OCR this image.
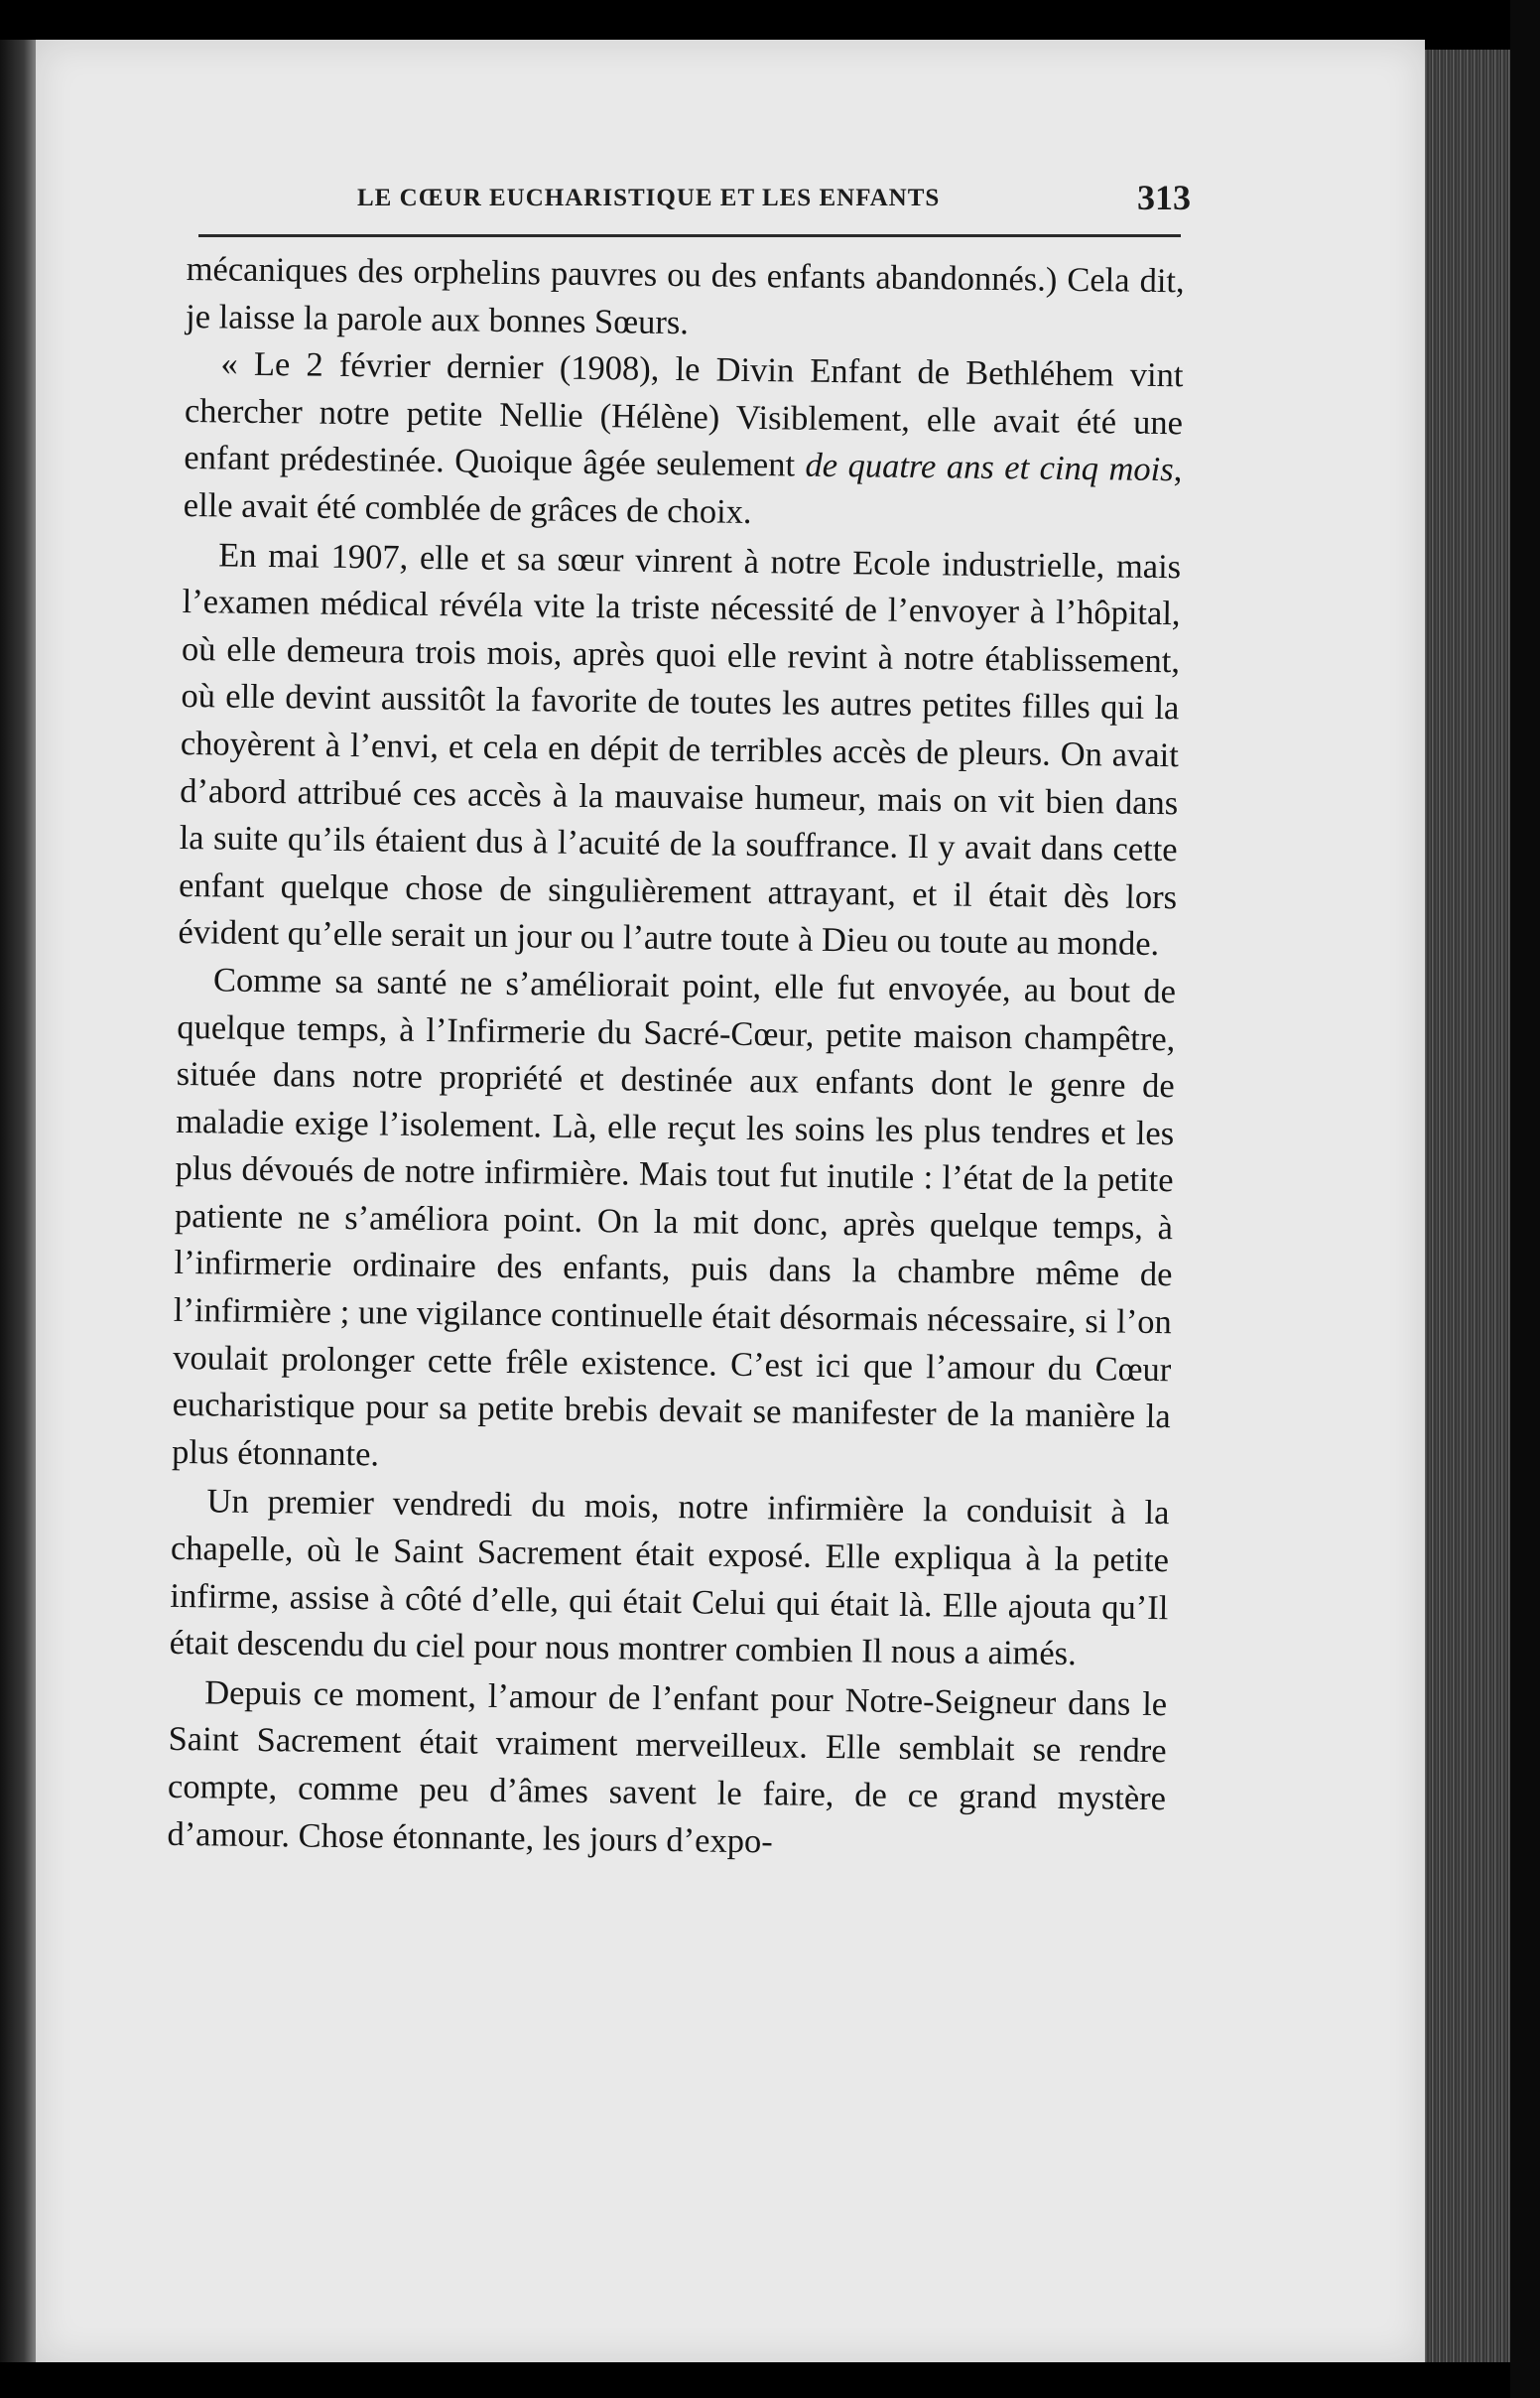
LE CŒUR EUCHARISTIQUE ET LES ENFANTS	313

mécaniques des orphelins pauvres ou des enfants abandonnés.) Cela dit, je laisse la parole aux bonnes Sœurs.

« Le 2 février dernier (1908), le Divin Enfant de Bethléhem vint chercher notre petite Nellie (Hélène) Visiblement, elle avait été une enfant prédestinée. Quoique âgée seulement de quatre ans et cinq mois, elle avait été comblée de grâces de choix.

En mai 1907, elle et sa sœur vinrent à notre Ecole industrielle, mais l’examen médical révéla vite la triste nécessité de l’envoyer à l’hôpital, où elle demeura trois mois, après quoi elle revint à notre établissement, où elle devint aussitôt la favorite de toutes les autres petites filles qui la choyèrent à l’envi, et cela en dépit de terribles accès de pleurs. On avait d’abord attribué ces accès à la mauvaise humeur, mais on vit bien dans la suite qu’ils étaient dus à l’acuité de la souffrance. Il y avait dans cette enfant quelque chose de singulièrement attrayant, et il était dès lors évident qu’elle serait un jour ou l’autre toute à Dieu ou toute au monde.

Comme sa santé ne s’améliorait point, elle fut envoyée, au bout de quelque temps, à l’Infirmerie du Sacré-Cœur, petite maison champêtre, située dans notre propriété et destinée aux enfants dont le genre de maladie exige l’isolement. Là, elle reçut les soins les plus tendres et les plus dévoués de notre infirmière. Mais tout fut inutile : l’état de la petite patiente ne s’améliora point. On la mit donc, après quelque temps, à l’infirmerie ordinaire des enfants, puis dans la chambre même de l’infirmière ; une vigilance continuelle était désormais nécessaire, si l’on voulait prolonger cette frêle existence. C’est ici que l’amour du Cœur eucharistique pour sa petite brebis devait se manifester de la manière la plus étonnante.

Un premier vendredi du mois, notre infirmière la conduisit à la chapelle, où le Saint Sacrement était exposé. Elle expliqua à la petite infirme, assise à côté d’elle, qui était Celui qui était là. Elle ajouta qu’Il était descendu du ciel pour nous montrer combien Il nous a aimés.

Depuis ce moment, l’amour de l’enfant pour Notre-Seigneur dans le Saint Sacrement était vraiment merveilleux. Elle semblait se rendre compte, comme peu d’âmes savent le faire, de ce grand mystère d’amour. Chose étonnante, les jours d’expo-
